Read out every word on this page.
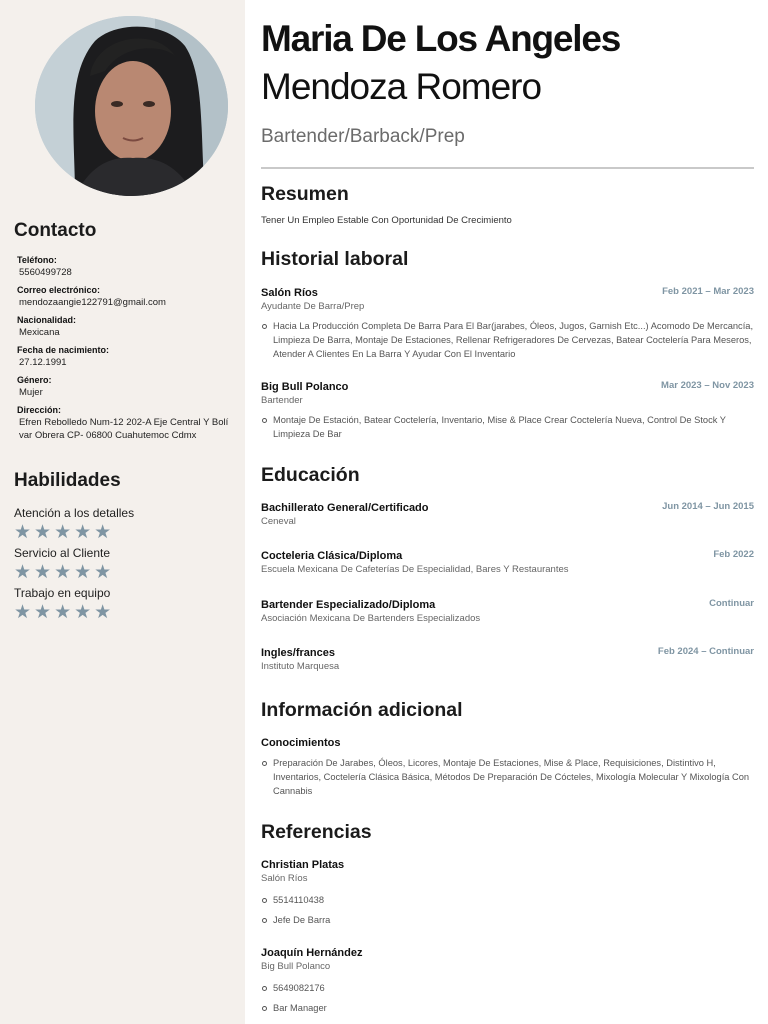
Contacto
Teléfono:
5560499728
Correo electrónico:
mendozaangie122791@gmail.com
Nacionalidad:
Mexicana
Fecha de nacimiento:
27.12.1991
Género:
Mujer
Dirección:
Efren Rebolledo Num-12 202-A Eje Central Y Bolí var Obrera CP- 06800 Cuahutemoc Cdmx
Habilidades
Atención a los detalles
★★★★★
Servicio al Cliente
★★★★★
Trabajo en equipo
★★★★★
Maria De Los Angeles
Mendoza Romero
Bartender/Barback/Prep
Resumen
Tener Un Empleo Estable Con Oportunidad De Crecimiento
Historial laboral
Salón Ríos
Ayudante De Barra/Prep
Feb 2021 – Mar 2023
Hacia La Producción Completa De Barra Para El Bar(jarabes, Óleos, Jugos, Garnish Etc...) Acomodo De Mercancía, Limpieza De Barra, Montaje De Estaciones, Rellenar Refrigeradores De Cervezas, Batear Coctelería Para Meseros, Atender A Clientes En La Barra Y Ayudar Con El Inventario
Big Bull Polanco
Bartender
Mar 2023 – Nov 2023
Montaje De Estación, Batear Coctelería, Inventario, Mise & Place Crear Coctelería Nueva, Control De Stock Y Limpieza De Bar
Educación
Bachillerato General/Certificado
Ceneval
Jun 2014 – Jun 2015
Cocteleria Clásica/Diploma
Escuela Mexicana De Cafeterías De Especialidad, Bares Y Restaurantes
Feb 2022
Bartender Especializado/Diploma
Asociación Mexicana De Bartenders Especializados
Continuar
Ingles/frances
Instituto Marquesa
Feb 2024 – Continuar
Información adicional
Conocimientos
Preparación De Jarabes, Óleos, Licores, Montaje De Estaciones, Mise & Place, Requisiciones, Distintivo H, Inventarios, Coctelería Clásica Básica, Métodos De Preparación De Cócteles, Mixología Molecular Y Mixología Con Cannabis
Referencias
Christian Platas
Salón Ríos
5514110438
Jefe De Barra
Joaquín Hernández
Big Bull Polanco
5649082176
Bar Manager
